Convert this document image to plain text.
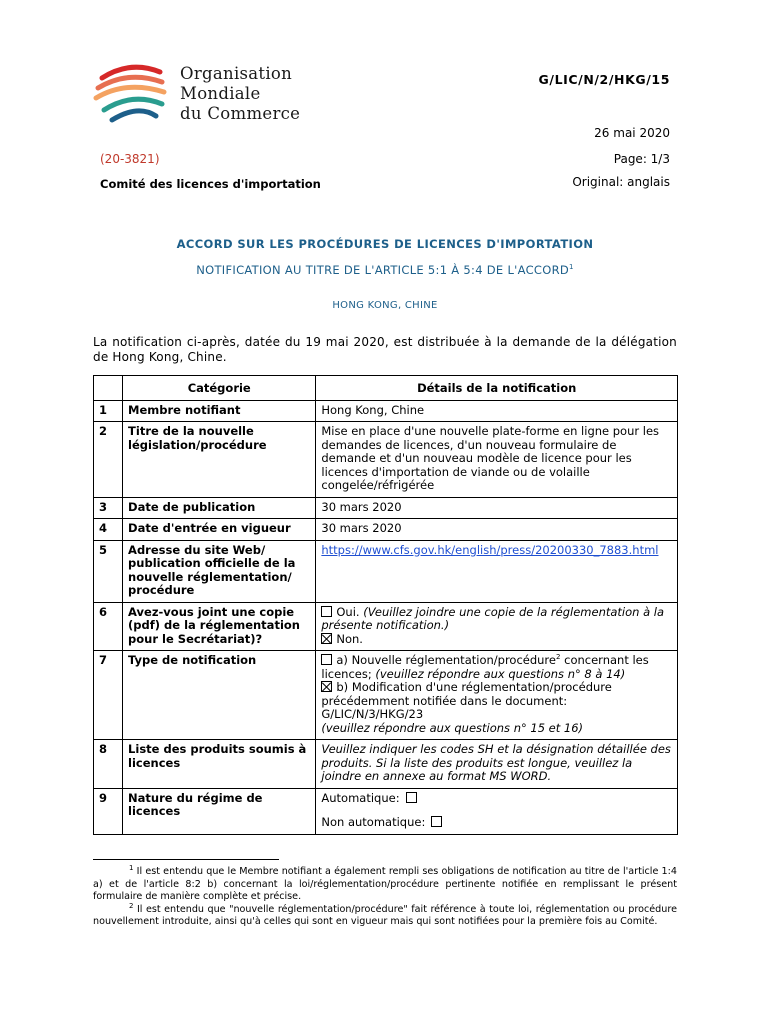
Organisation
Mondiale
du Commerce
G/LIC/N/2/HKG/15
26 mai 2020
(20-3821)	Page: 1/3
Comité des licences d'importation	Original: anglais
ACCORD SUR LES PROCÉDURES DE LICENCES D'IMPORTATION
NOTIFICATION AU TITRE DE L'ARTICLE 5:1 À 5:4 DE L'ACCORD$^1$
HONG KONG, CHINE
La notification ci-après, datée du 19 mai 2020, est distribuée à la demande de la délégation de Hong Kong, Chine.
	Catégorie	Détails de la notification
1	Membre notifiant	Hong Kong, Chine
2	Titre de la nouvelle législation/procédure	Mise en place d'une nouvelle plate-forme en ligne pour les demandes de licences, d'un nouveau formulaire de demande et d'un nouveau modèle de licence pour les licences d'importation de viande ou de volaille congelée/réfrigérée
3	Date de publication	30 mars 2020
4	Date d'entrée en vigueur	30 mars 2020
5	Adresse du site Web/ publication officielle de la nouvelle réglementation/ procédure	https://www.cfs.gov.hk/english/press/20200330_7883.html
6	Avez-vous joint une copie (pdf) de la réglementation pour le Secrétariat)?	Oui. (Veuillez joindre une copie de la réglementation à la présente notification.)
Non.

7	Type de notification	a) Nouvelle réglementation/procédure$^2$ concernant les licences; (veuillez répondre aux questions n° 8 à 14)
b) Modification d'une réglementation/procédure précédemment notifiée dans le document: G/LIC/N/3/HKG/23
(veuillez répondre aux questions n° 15 et 16)

8	Liste des produits soumis à licences	Veuillez indiquer les codes SH et la désignation détaillée des produits. Si la liste des produits est longue, veuillez la joindre en annexe au format MS WORD.
9	Nature du régime de licences	Automatique:
Non automatique:

$^1$ Il est entendu que le Membre notifiant a également rempli ses obligations de notification au titre de l'article 1:4 a) et de l'article 8:2 b) concernant la loi/réglementation/procédure pertinente notifiée en remplissant le présent formulaire de manière complète et précise.

$^2$ Il est entendu que "nouvelle réglementation/procédure" fait référence à toute loi, réglementation ou procédure nouvellement introduite, ainsi qu'à celles qui sont en vigueur mais qui sont notifiées pour la première fois au Comité.
